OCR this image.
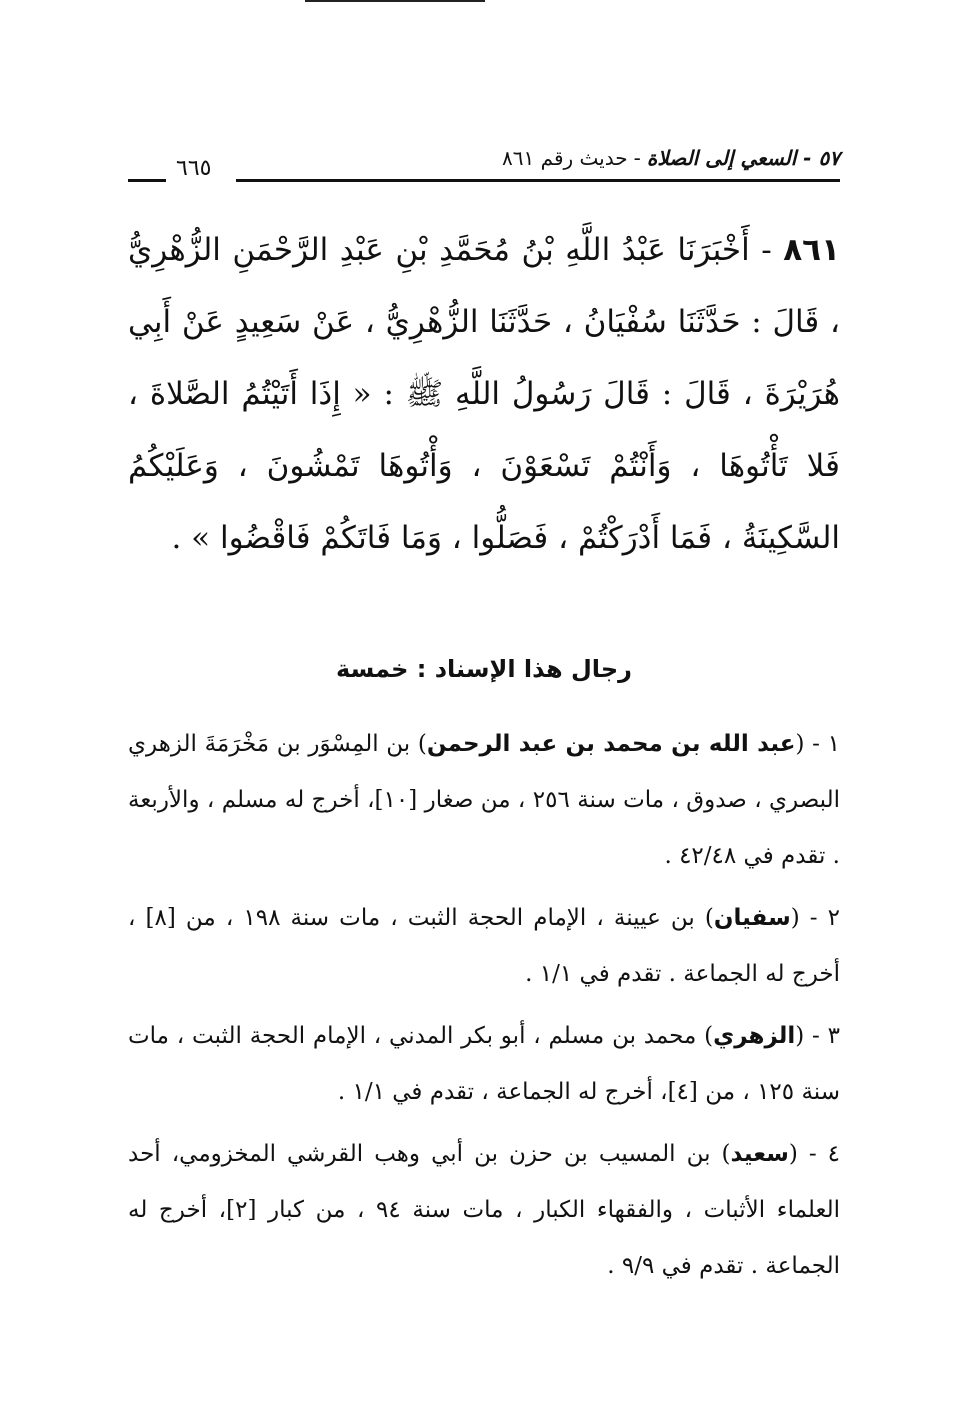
٦٦٥	٥٧ - السعي إلى الصلاة-حديث رقم ٨٦١
٨٦١ - أَخْبَرَنَا عَبْدُ اللَّهِ بْنُ مُحَمَّدِ بْنِ عَبْدِ الرَّحْمَنِ الزُّهْرِيُّ ، قَالَ : حَدَّثَنَا سُفْيَانُ ، حَدَّثَنَا الزُّهْرِيُّ ، عَنْ سَعِيدٍ عَنْ أَبِي هُرَيْرَةَ ، قَالَ : قَالَ رَسُولُ اللَّهِ ﷺ : « إِذَا أَتَيْتُمُ الصَّلاةَ ، فَلا تَأْتُوهَا ، وَأَنْتُمْ تَسْعَوْنَ ، وَأْتُوهَا تَمْشُونَ ، وَعَلَيْكُمُ السَّكِينَةُ ، فَمَا أَدْرَكْتُمْ ، فَصَلُّوا ، وَمَا فَاتَكُمْ فَاقْضُوا » .
رجال هذا الإسناد : خمسة

١ - (عبد الله بن محمد بن عبد الرحمن) بن المِسْوَر بن مَخْرَمَةَ الزهري البصري ، صدوق ، مات سنة ٢٥٦ ، من صغار [١٠]، أخرج له مسلم ، والأربعة . تقدم في ٤٢/٤٨ .

٢ - (سفيان) بن عيينة ، الإمام الحجة الثبت ، مات سنة ١٩٨ ، من [٨] ، أخرج له الجماعة . تقدم في ١/١ .

٣ - (الزهري) محمد بن مسلم ، أبو بكر المدني ، الإمام الحجة الثبت ، مات سنة ١٢٥ ، من [٤]، أخرج له الجماعة ، تقدم في ١/١ .

٤ - (سعيد) بن المسيب بن حزن بن أبي وهب القرشي المخزومي، أحد العلماء الأثبات ، والفقهاء الكبار ، مات سنة ٩٤ ، من كبار [٢]، أخرج له الجماعة . تقدم في ٩/٩ .
